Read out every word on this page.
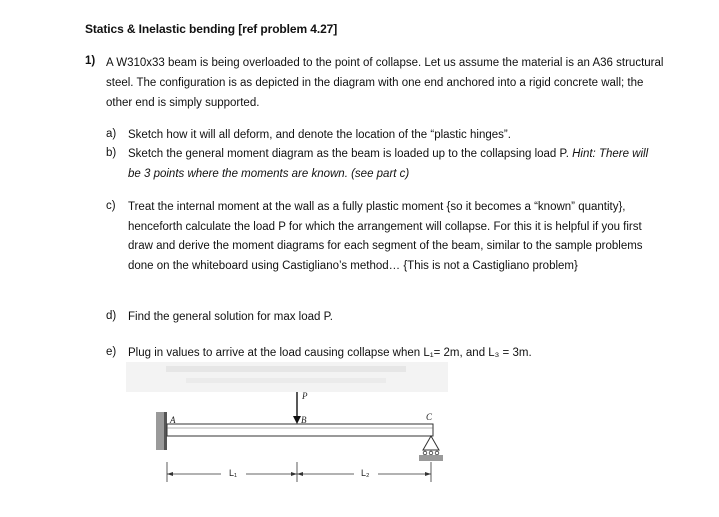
Statics & Inelastic bending [ref problem 4.27]
1) A W310x33 beam is being overloaded to the point of collapse. Let us assume the material is an A36 structural steel. The configuration is as depicted in the diagram with one end anchored into a rigid concrete wall; the other end is simply supported.
a)	Sketch how it will all deform, and denote the location of the “plastic hinges”.
b)	Sketch the general moment diagram as the beam is loaded up to the collapsing load P. Hint: There will be 3 points where the moments are known. (see part c)
c)	Treat the internal moment at the wall as a fully plastic moment {so it becomes a “known” quantity}, henceforth calculate the load P for which the arrangement will collapse. For this it is helpful if you first draw and derive the moment diagrams for each segment of the beam, similar to the sample problems done on the whiteboard using Castigliano’s method… {This is not a Castigliano problem}
d)	Find the general solution for max load P.
e)	Plug in values to arrive at the load causing collapse when L₁= 2m, and L₃ = 3m.
A	B	C
P
L₁	L₂
